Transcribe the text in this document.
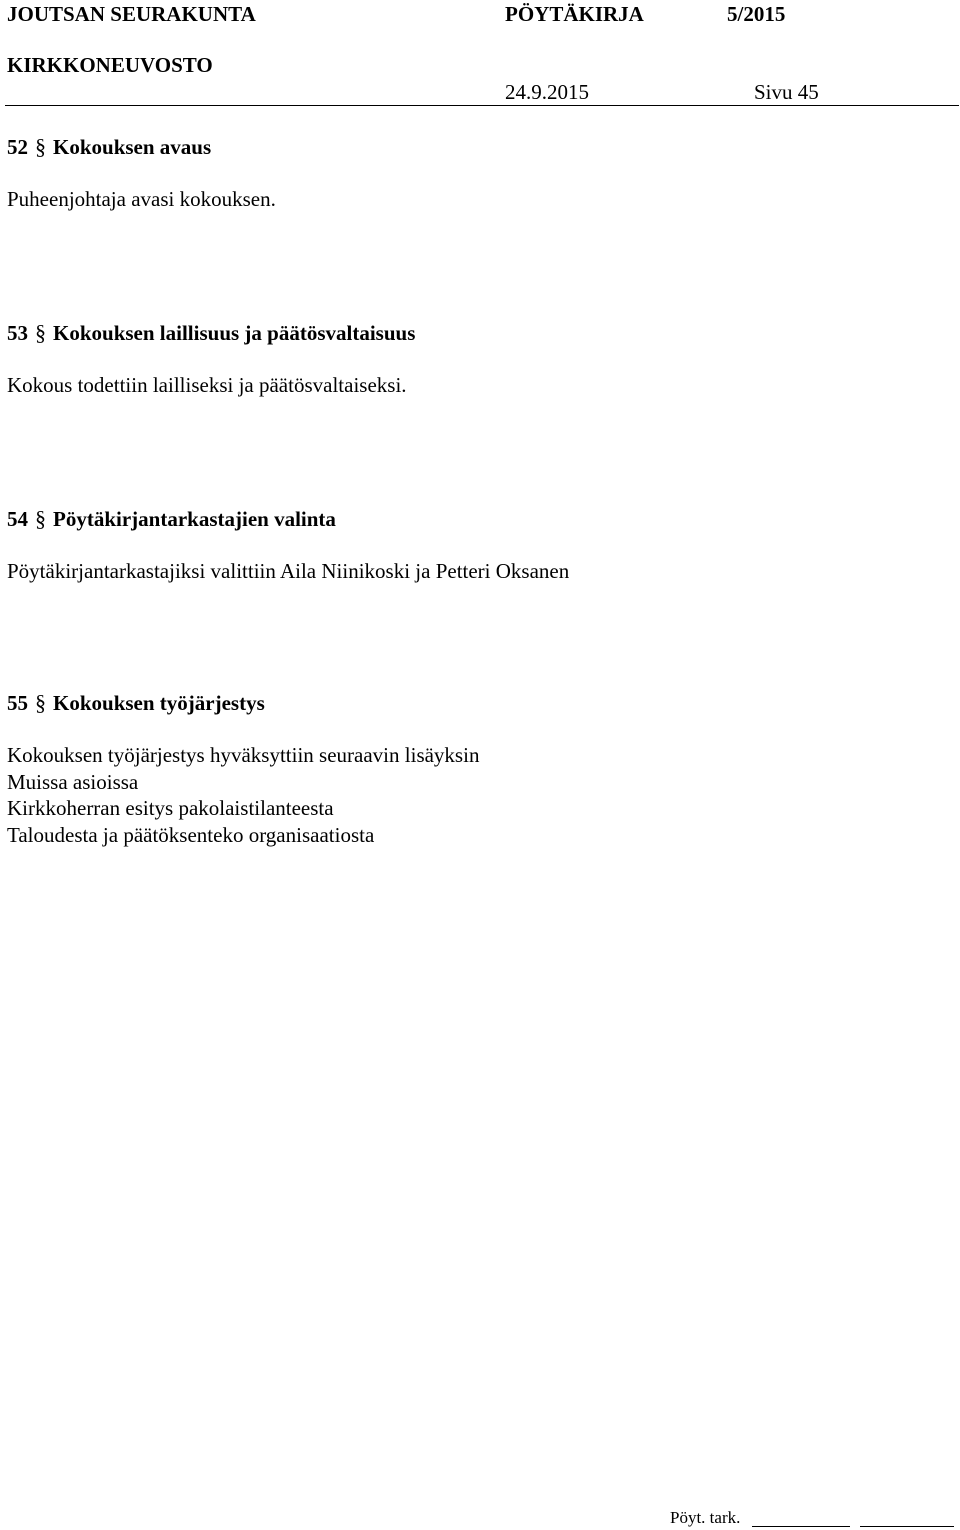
JOUTSAN SEURAKUNTA	PÖYTÄKIRJA	5/2015
KIRKKONEUVOSTO
24.9.2015	Sivu 45
52 § Kokouksen avaus
Puheenjohtaja avasi kokouksen.
53 § Kokouksen laillisuus ja päätösvaltaisuus
Kokous todettiin lailliseksi ja päätösvaltaiseksi.
54 § Pöytäkirjantarkastajien valinta
Pöytäkirjantarkastajiksi valittiin Aila Niinikoski ja Petteri Oksanen
55 § Kokouksen työjärjestys
Kokouksen työjärjestys hyväksyttiin seuraavin lisäyksin
Muissa asioissa
Kirkkoherran esitys pakolaistilanteesta
Taloudesta ja päätöksenteko organisaatiosta
Pöyt. tark.
